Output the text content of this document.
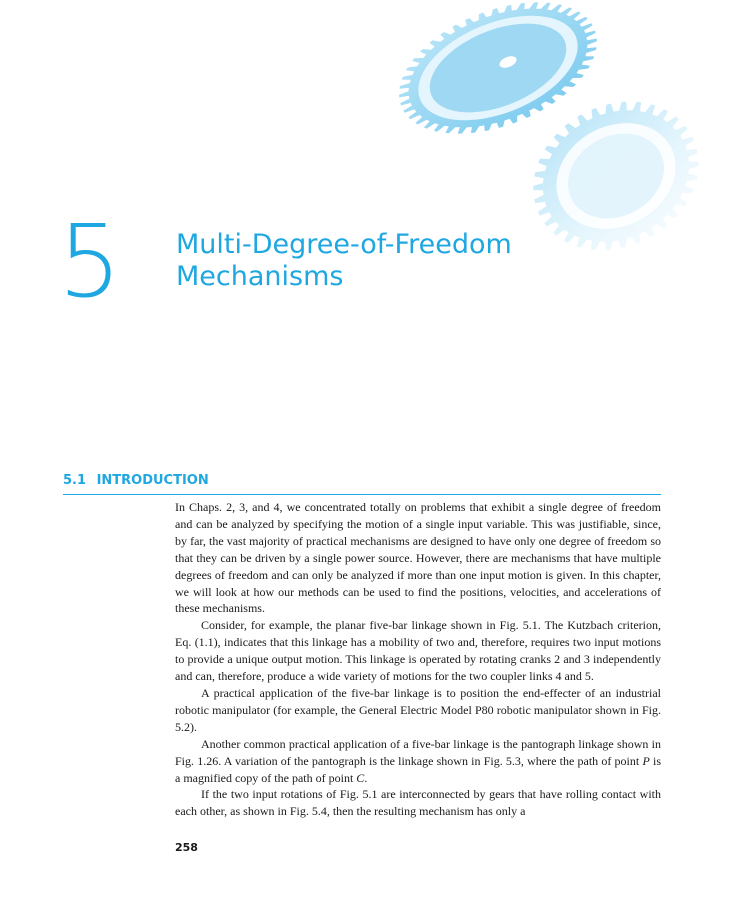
5 Multi-Degree-of-Freedom
Mechanisms
5.1 INTRODUCTION

In Chaps. 2, 3, and 4, we concentrated totally on problems that exhibit a single degree of freedom and can be analyzed by specifying the motion of a single input variable. This was justifiable, since, by far, the vast majority of practical mechanisms are designed to have only one degree of freedom so that they can be driven by a single power source. However, there are mechanisms that have multiple degrees of freedom and can only be analyzed if more than one input motion is given. In this chapter, we will look at how our methods can be used to find the positions, velocities, and accelerations of these mechanisms.

Consider, for example, the planar five-bar linkage shown in Fig. 5.1. The Kutzbach criterion, Eq. (1.1), indicates that this linkage has a mobility of two and, therefore, requires two input motions to provide a unique output motion. This linkage is operated by rotating cranks 2 and 3 independently and can, therefore, produce a wide variety of motions for the two coupler links 4 and 5.

A practical application of the five-bar linkage is to position the end-effecter of an industrial robotic manipulator (for example, the General Electric Model P80 robotic manipulator shown in Fig. 5.2).

Another common practical application of a five-bar linkage is the pantograph linkage shown in Fig. 1.26. A variation of the pantograph is the linkage shown in Fig. 5.3, where the path of point P is a magnified copy of the path of point C.

If the two input rotations of Fig. 5.1 are interconnected by gears that have rolling contact with each other, as shown in Fig. 5.4, then the resulting mechanism has only a

258
